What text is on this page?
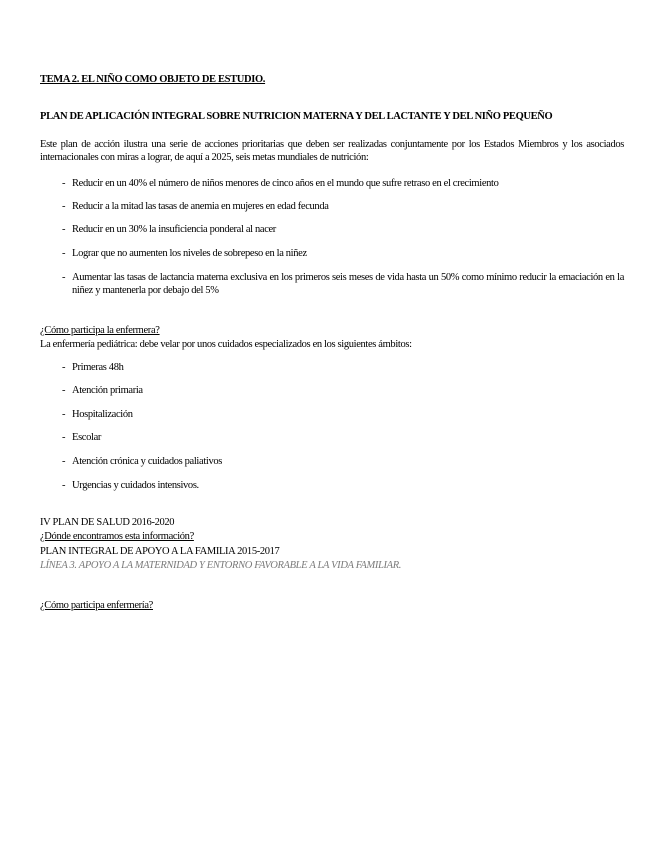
TEMA 2. EL NIÑO COMO OBJETO DE ESTUDIO.
PLAN DE APLICACIÓN INTEGRAL SOBRE NUTRICION MATERNA Y DEL LACTANTE Y DEL NIÑO PEQUEÑO
Este plan de acción ilustra una serie de acciones prioritarias que deben ser realizadas conjuntamente por los Estados Miembros y los asociados internacionales con miras a lograr, de aquí a 2025, seis metas mundiales de nutrición:
- Reducir en un 40% el número de niños menores de cinco años en el mundo que sufre retraso en el crecimiento
- Reducir a la mitad las tasas de anemia en mujeres en edad fecunda
- Reducir en un 30% la insuficiencia ponderal al nacer
- Lograr que no aumenten los niveles de sobrepeso en la niñez
- Aumentar las tasas de lactancia materna exclusiva en los primeros seis meses de vida hasta un 50% como mínimo reducir la emaciación en la niñez y mantenerla por debajo del 5%
¿Cómo participa la enfermera?
La enfermería pediátrica: debe velar por unos cuidados especializados en los siguientes ámbitos:
- Primeras 48h
- Atención primaria
- Hospitalización
- Escolar
- Atención crónica y cuidados paliativos
- Urgencias y cuidados intensivos.
IV PLAN DE SALUD 2016-2020
¿Dónde encontramos esta información?
PLAN INTEGRAL DE APOYO A LA FAMILIA 2015-2017
LÍNEA 3. APOYO A LA MATERNIDAD Y ENTORNO FAVORABLE A LA VIDA FAMILIAR.
¿Cómo participa enfermería?
